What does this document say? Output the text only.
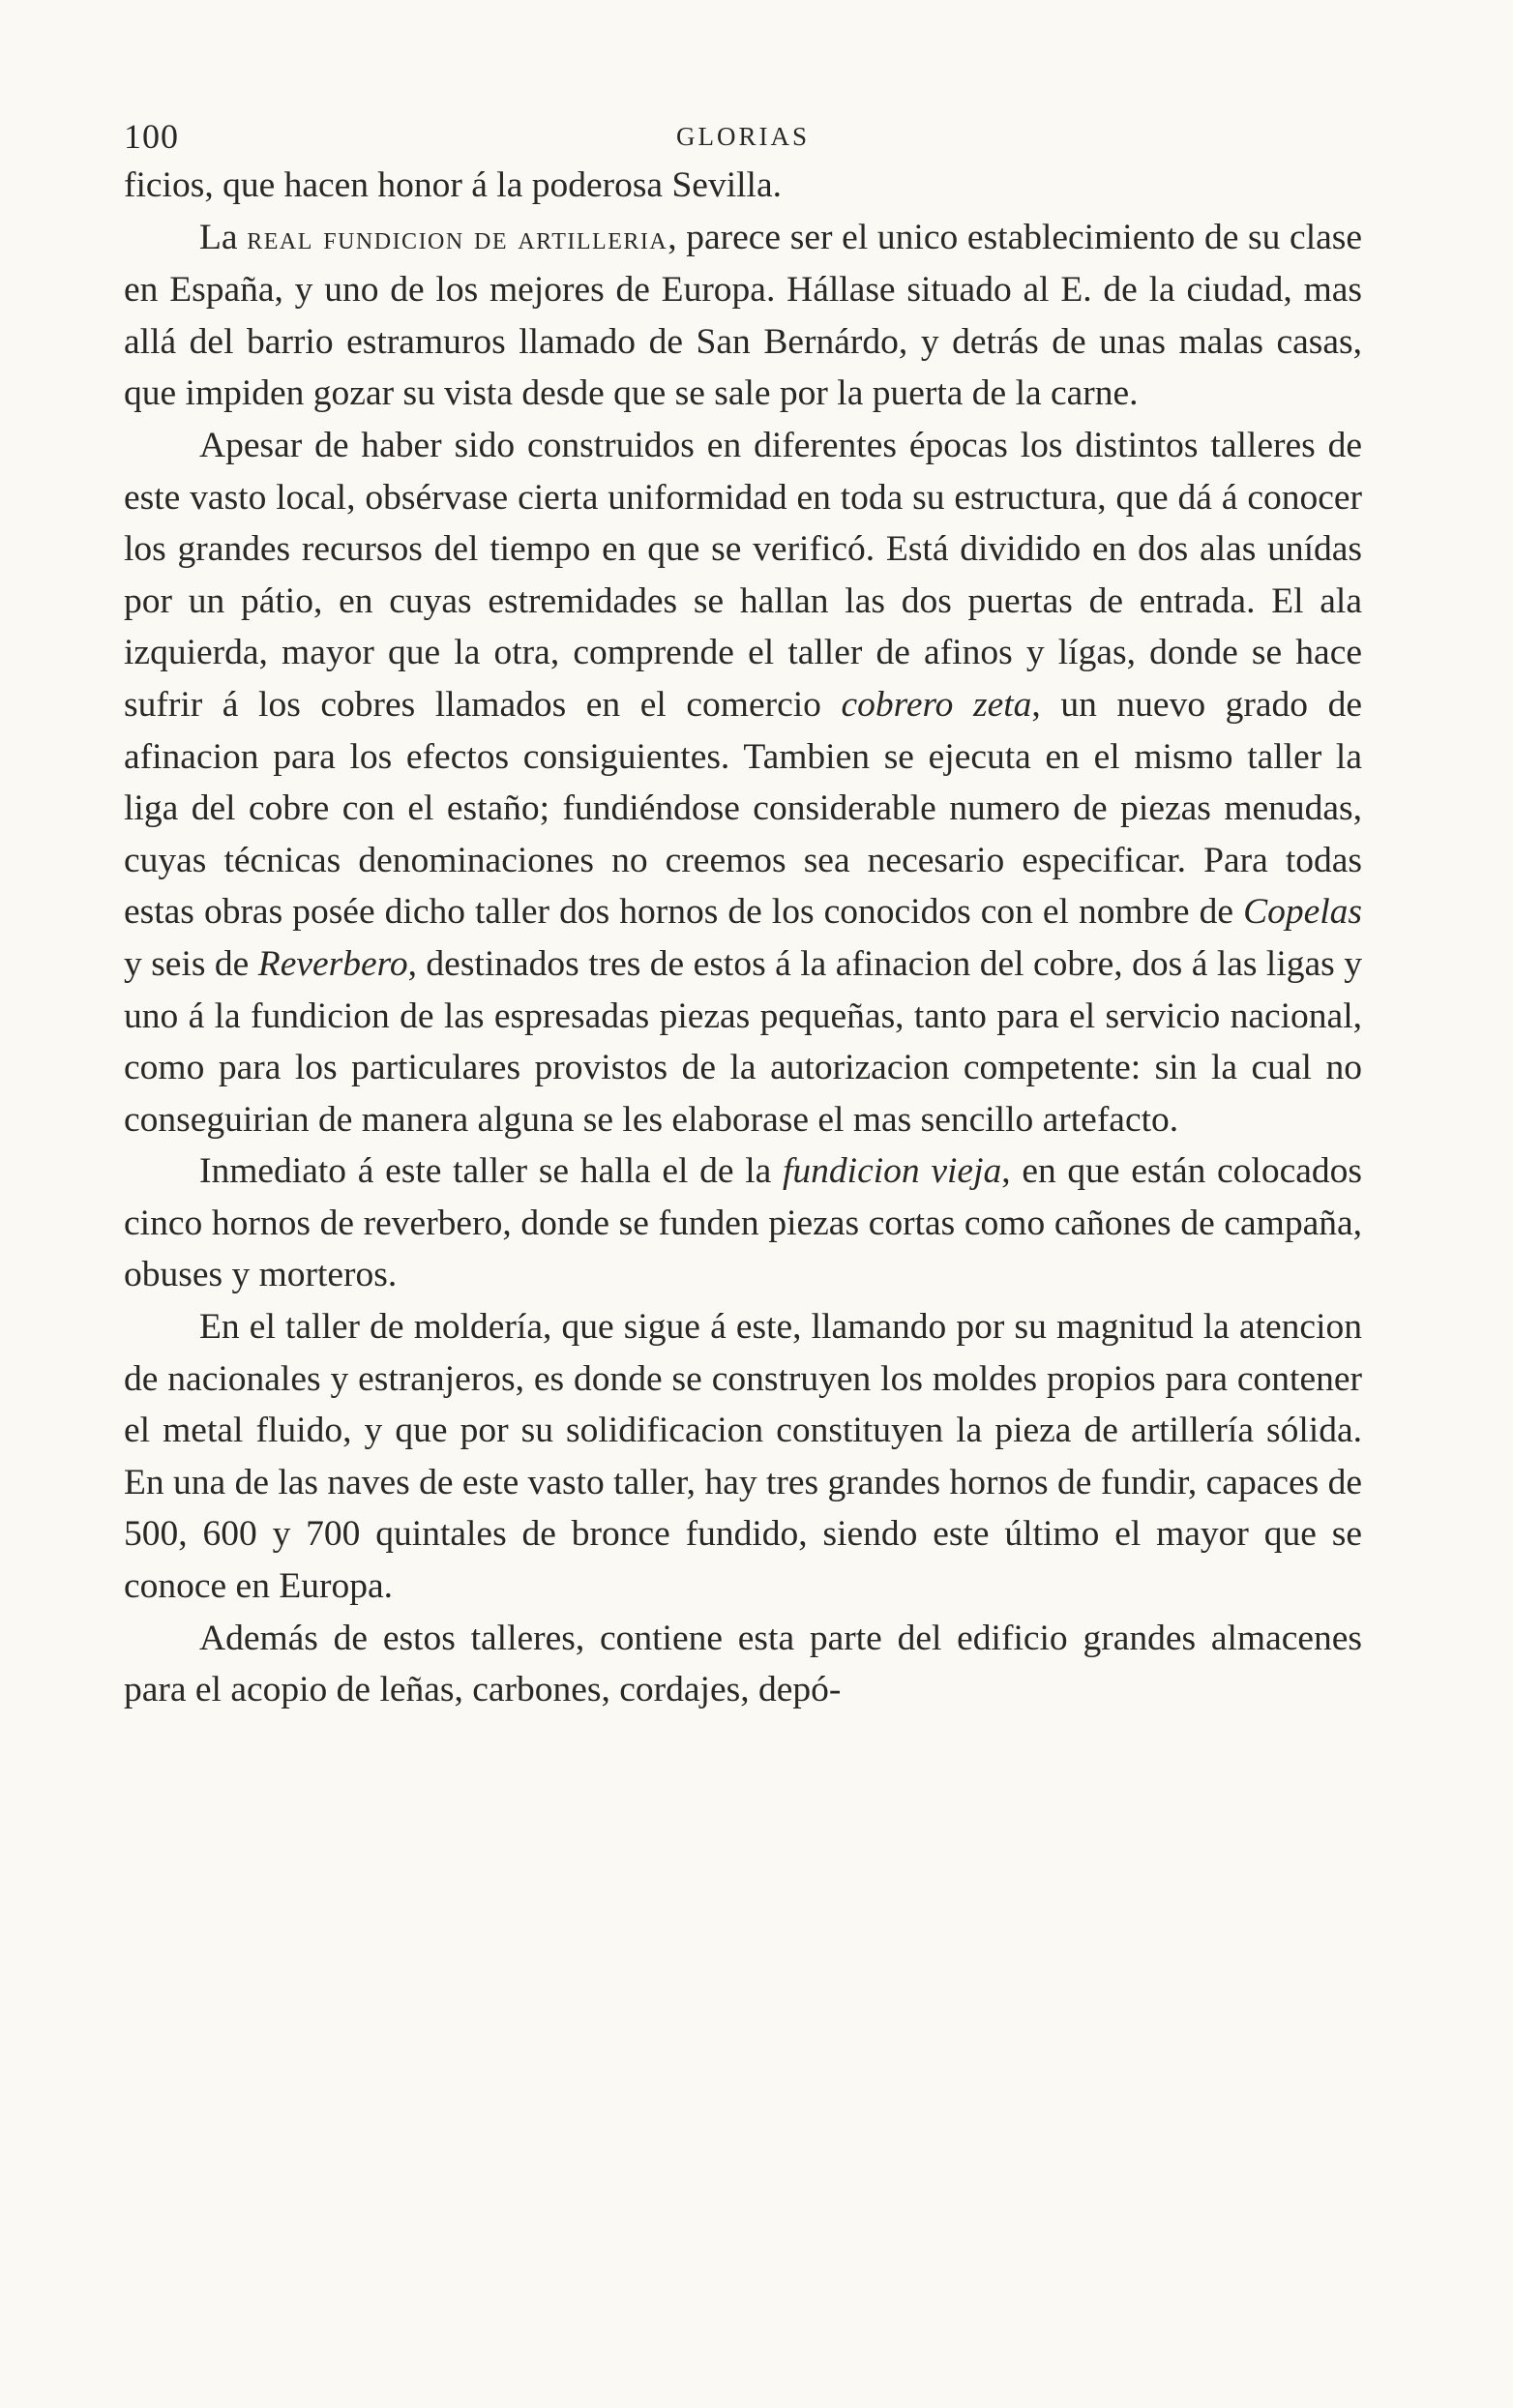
100	GLORIAS

ficios, que hacen honor á la poderosa Sevilla.

La real fundicion de artilleria, parece ser el unico establecimiento de su clase en España, y uno de los mejores de Europa. Hállase situado al E. de la ciudad, mas allá del barrio estramuros llamado de San Bernárdo, y detrás de unas malas casas, que impiden gozar su vista desde que se sale por la puerta de la carne.

Apesar de haber sido construidos en diferentes épocas los distintos talleres de este vasto local, obsérvase cierta uniformidad en toda su estructura, que dá á conocer los grandes recursos del tiempo en que se verificó. Está dividido en dos alas unídas por un pátio, en cuyas estremidades se hallan las dos puertas de entrada. El ala izquierda, mayor que la otra, comprende el taller de afinos y lígas, donde se hace sufrir á los cobres llamados en el comercio cobrero zeta, un nuevo grado de afinacion para los efectos consiguientes. Tambien se ejecuta en el mismo taller la liga del cobre con el estaño; fundiéndose considerable numero de piezas menudas, cuyas técnicas denominaciones no creemos sea necesario especificar. Para todas estas obras posée dicho taller dos hornos de los conocidos con el nombre de Copelas y seis de Reverbero, destinados tres de estos á la afinacion del cobre, dos á las ligas y uno á la fundicion de las espresadas piezas pequeñas, tanto para el servicio nacional, como para los particulares provistos de la autorizacion competente: sin la cual no conseguirian de manera alguna se les elaborase el mas sencillo artefacto.

Inmediato á este taller se halla el de la fundicion vieja, en que están colocados cinco hornos de reverbero, donde se funden piezas cortas como cañones de campaña, obuses y morteros.

En el taller de moldería, que sigue á este, llamando por su magnitud la atencion de nacionales y estranjeros, es donde se construyen los moldes propios para contener el metal fluido, y que por su solidificacion constituyen la pieza de artillería sólida. En una de las naves de este vasto taller, hay tres grandes hornos de fundir, capaces de 500, 600 y 700 quintales de bronce fundido, siendo este último el mayor que se conoce en Europa.

Además de estos talleres, contiene esta parte del edificio grandes almacenes para el acopio de leñas, carbones, cordajes, depó-
